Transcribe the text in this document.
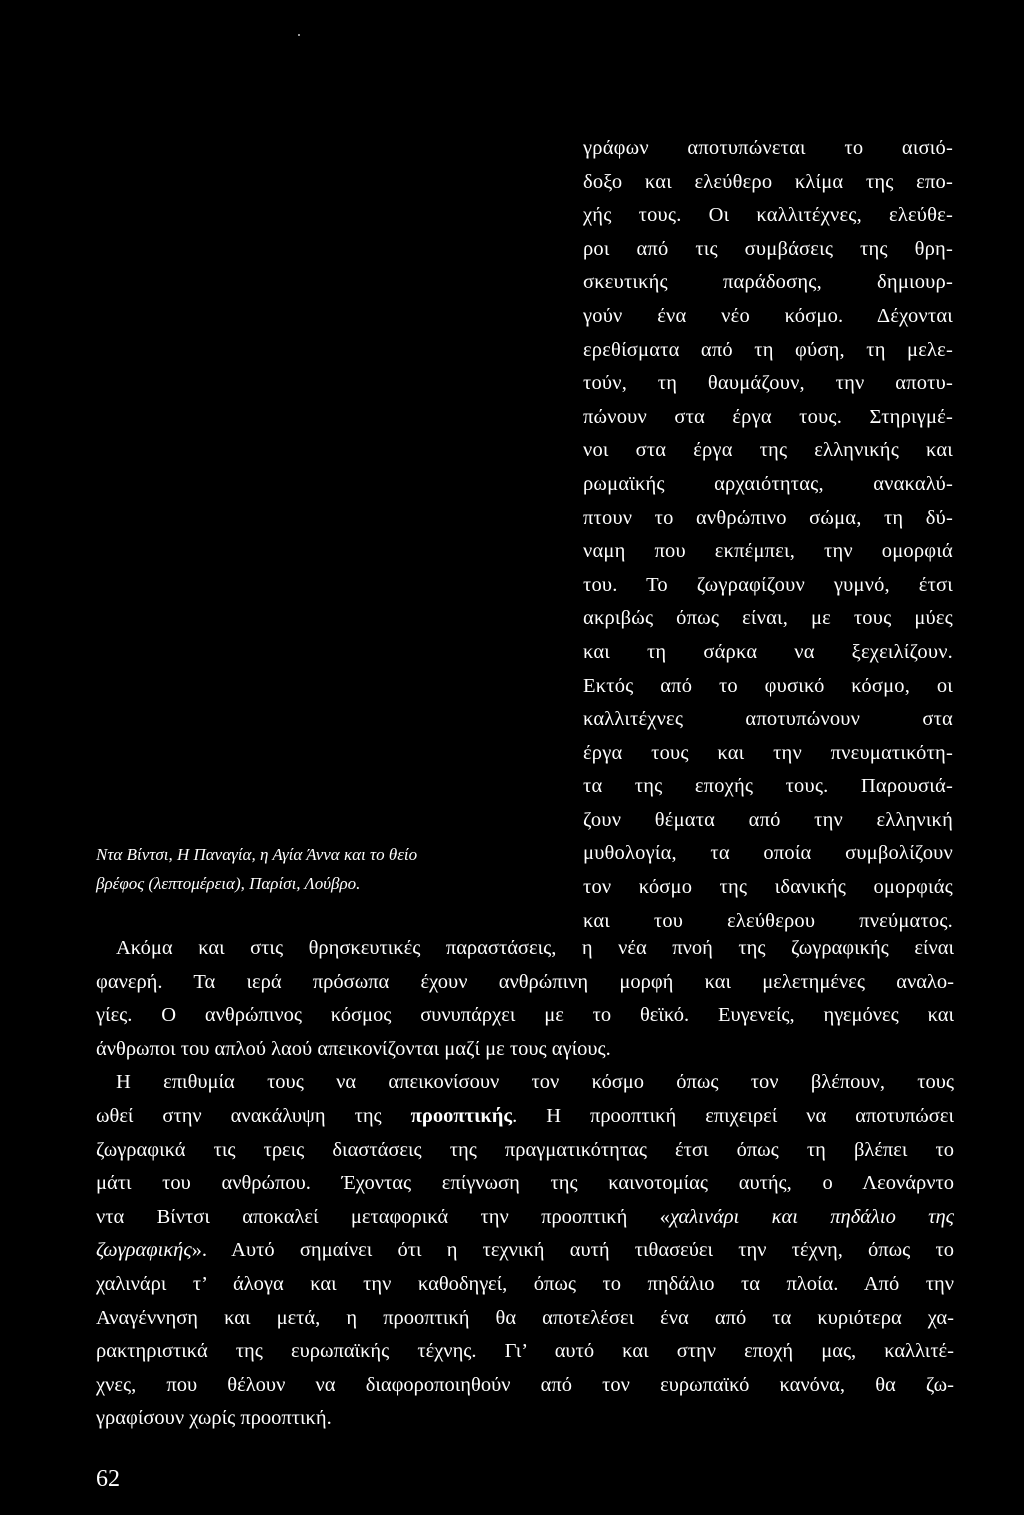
γράφων αποτυπώνεται το αισιό-
δοξο και ελεύθερο κλίμα της επο-
χής τους. Οι καλλιτέχνες, ελεύθε-
ροι από τις συμβάσεις της θρη-
σκευτικής παράδοσης, δημιουρ-
γούν ένα νέο κόσμο. Δέχονται
ερεθίσματα από τη φύση, τη μελε-
τούν, τη θαυμάζουν, την αποτυ-
πώνουν στα έργα τους. Στηριγμέ-
νοι στα έργα της ελληνικής και
ρωμαϊκής αρχαιότητας, ανακαλύ-
πτουν το ανθρώπινο σώμα, τη δύ-
ναμη που εκπέμπει, την ομορφιά
του. Το ζωγραφίζουν γυμνό, έτσι
ακριβώς όπως είναι, με τους μύες
και τη σάρκα να ξεχειλίζουν.
Εκτός από το φυσικό κόσμο, οι
καλλιτέχνες αποτυπώνουν στα
έργα τους και την πνευματικότη-
τα της εποχής τους. Παρουσιά-
ζουν θέματα από την ελληνική
μυθολογία, τα οποία συμβολίζουν
τον κόσμο της ιδανικής ομορφιάς
και του ελεύθερου πνεύματος.
Ντα Βίντσι, Η Παναγία, η Αγία Άννα και το θείο
βρέφος (λεπτομέρεια), Παρίσι, Λούβρο.
Ακόμα και στις θρησκευτικές παραστάσεις, η νέα πνοή της ζωγραφικής είναι
φανερή. Τα ιερά πρόσωπα έχουν ανθρώπινη μορφή και μελετημένες αναλο-
γίες. Ο ανθρώπινος κόσμος συνυπάρχει με το θεϊκό. Ευγενείς, ηγεμόνες και
άνθρωποι του απλού λαού απεικονίζονται μαζί με τους αγίους.
Η επιθυμία τους να απεικονίσουν τον κόσμο όπως τον βλέπουν, τους
ωθεί στην ανακάλυψη της προοπτικής. Η προοπτική επιχειρεί να αποτυπώσει
ζωγραφικά τις τρεις διαστάσεις της πραγματικότητας έτσι όπως τη βλέπει το
μάτι του ανθρώπου. Έχοντας επίγνωση της καινοτομίας αυτής, ο Λεονάρντο
ντα Βίντσι αποκαλεί μεταφορικά την προοπτική «χαλινάρι και πηδάλιο της
ζωγραφικής». Αυτό σημαίνει ότι η τεχνική αυτή τιθασεύει την τέχνη, όπως το
χαλινάρι τ’ άλογα και την καθοδηγεί, όπως το πηδάλιο τα πλοία. Από την
Αναγέννηση και μετά, η προοπτική θα αποτελέσει ένα από τα κυριότερα χα-
ρακτηριστικά της ευρωπαϊκής τέχνης. Γι’ αυτό και στην εποχή μας, καλλιτέ-
χνες, που θέλουν να διαφοροποιηθούν από τον ευρωπαϊκό κανόνα, θα ζω-
γραφίσουν χωρίς προοπτική.
62
